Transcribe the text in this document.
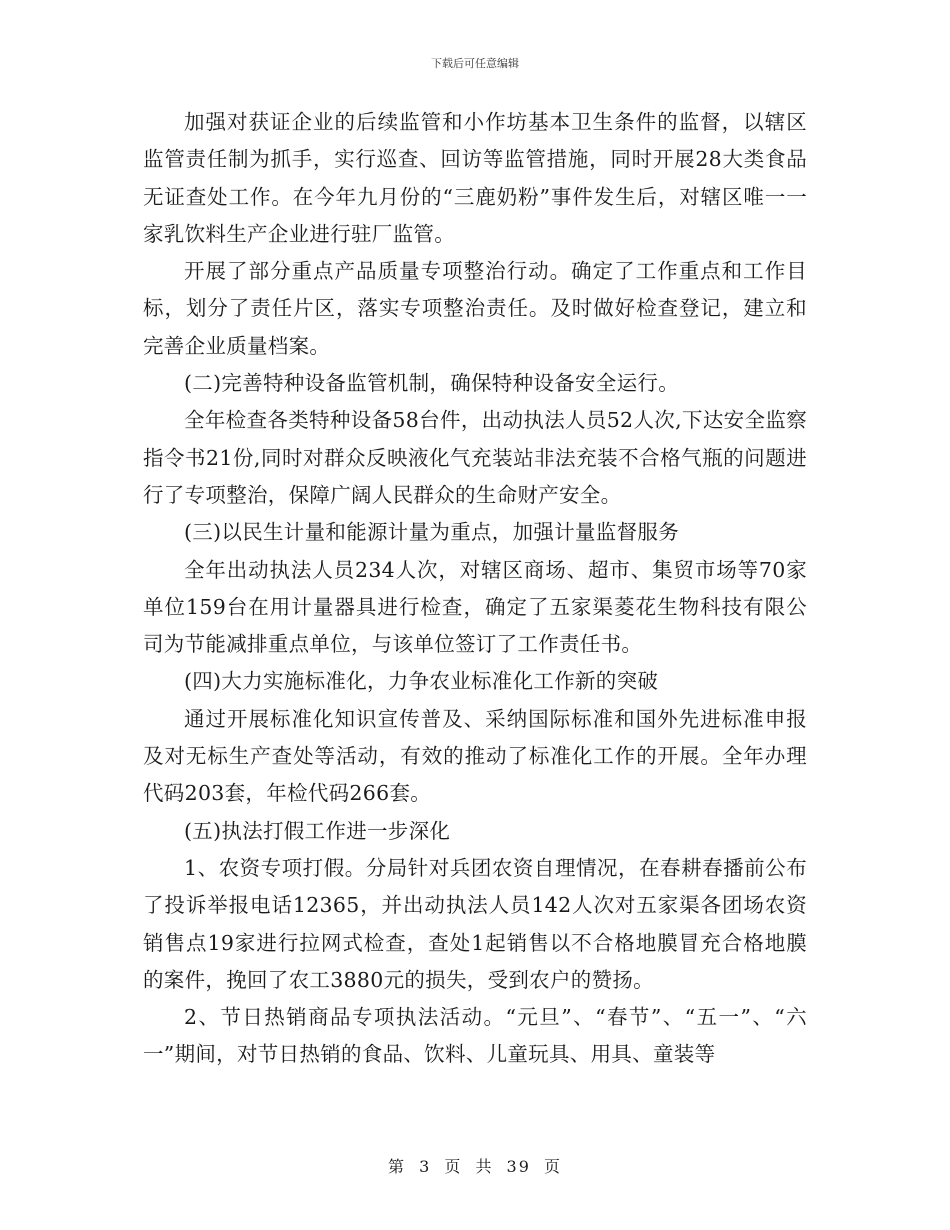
下载后可任意编辑

加强对获证企业的后续监管和小作坊基本卫生条件的监督，以辖区监管责任制为抓手，实行巡查、回访等监管措施，同时开展28大类食品无证查处工作。在今年九月份的“三鹿奶粉”事件发生后，对辖区唯一一家乳饮料生产企业进行驻厂监管。

开展了部分重点产品质量专项整治行动。确定了工作重点和工作目标，划分了责任片区，落实专项整治责任。及时做好检查登记，建立和完善企业质量档案。

(二)完善特种设备监管机制，确保特种设备安全运行。

全年检查各类特种设备58台件，出动执法人员52人次,下达安全监察指令书21份,同时对群众反映液化气充装站非法充装不合格气瓶的问题进行了专项整治，保障广阔人民群众的生命财产安全。

(三)以民生计量和能源计量为重点，加强计量监督服务

全年出动执法人员234人次，对辖区商场、超市、集贸市场等70家单位159台在用计量器具进行检查，确定了五家渠菱花生物科技有限公司为节能减排重点单位，与该单位签订了工作责任书。

(四)大力实施标准化，力争农业标准化工作新的突破

通过开展标准化知识宣传普及、采纳国际标准和国外先进标准申报及对无标生产查处等活动，有效的推动了标准化工作的开展。全年办理代码203套，年检代码266套。

(五)执法打假工作进一步深化

1、农资专项打假。分局针对兵团农资自理情况，在春耕春播前公布了投诉举报电话12365，并出动执法人员142人次对五家渠各团场农资销售点19家进行拉网式检查，查处1起销售以不合格地膜冒充合格地膜的案件，挽回了农工3880元的损失，受到农户的赞扬。

2、节日热销商品专项执法活动。“元旦”、“春节”、“五一”、“六一”期间，对节日热销的食品、饮料、儿童玩具、用具、童装等

第 3 页 共 39 页
